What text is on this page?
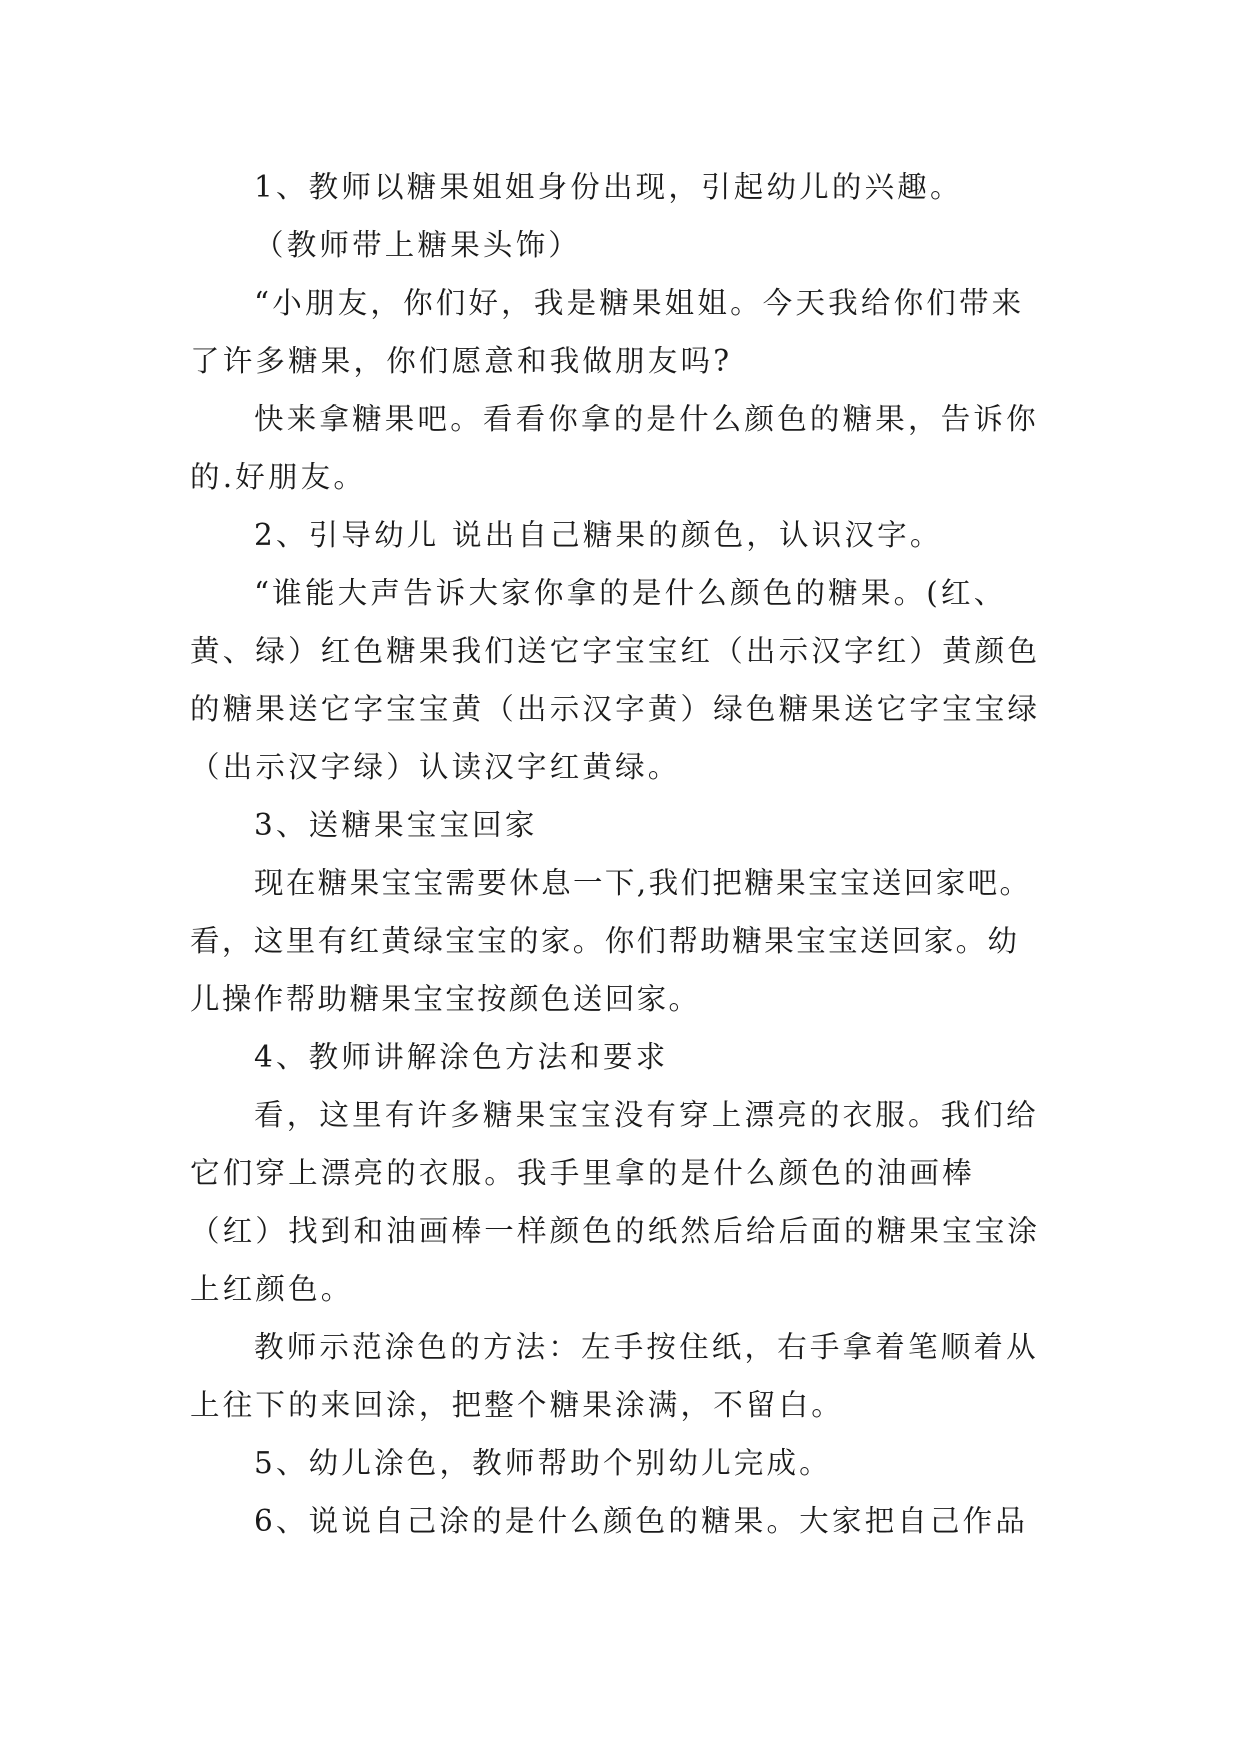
1、教师以糖果姐姐身份出现，引起幼儿的兴趣。

（教师带上糖果头饰）

“小朋友，你们好，我是糖果姐姐。今天我给你们带来了许多糖果，你们愿意和我做朋友吗?

快来拿糖果吧。看看你拿的是什么颜色的糖果，告诉你的.好朋友。

2、引导幼儿 说出自己糖果的颜色，认识汉字。

“谁能大声告诉大家你拿的是什么颜色的糖果。(红、黄、绿）红色糖果我们送它字宝宝红（出示汉字红）黄颜色的糖果送它字宝宝黄（出示汉字黄）绿色糖果送它字宝宝绿（出示汉字绿）认读汉字红黄绿。

3、送糖果宝宝回家

现在糖果宝宝需要休息一下,我们把糖果宝宝送回家吧。看，这里有红黄绿宝宝的家。你们帮助糖果宝宝送回家。幼儿操作帮助糖果宝宝按颜色送回家。

4、教师讲解涂色方法和要求

看，这里有许多糖果宝宝没有穿上漂亮的衣服。我们给它们穿上漂亮的衣服。我手里拿的是什么颜色的油画棒（红）找到和油画棒一样颜色的纸然后给后面的糖果宝宝涂上红颜色。

教师示范涂色的方法：左手按住纸，右手拿着笔顺着从上往下的来回涂，把整个糖果涂满，不留白。

5、幼儿涂色，教师帮助个别幼儿完成。

6、说说自己涂的是什么颜色的糖果。大家把自己作品
